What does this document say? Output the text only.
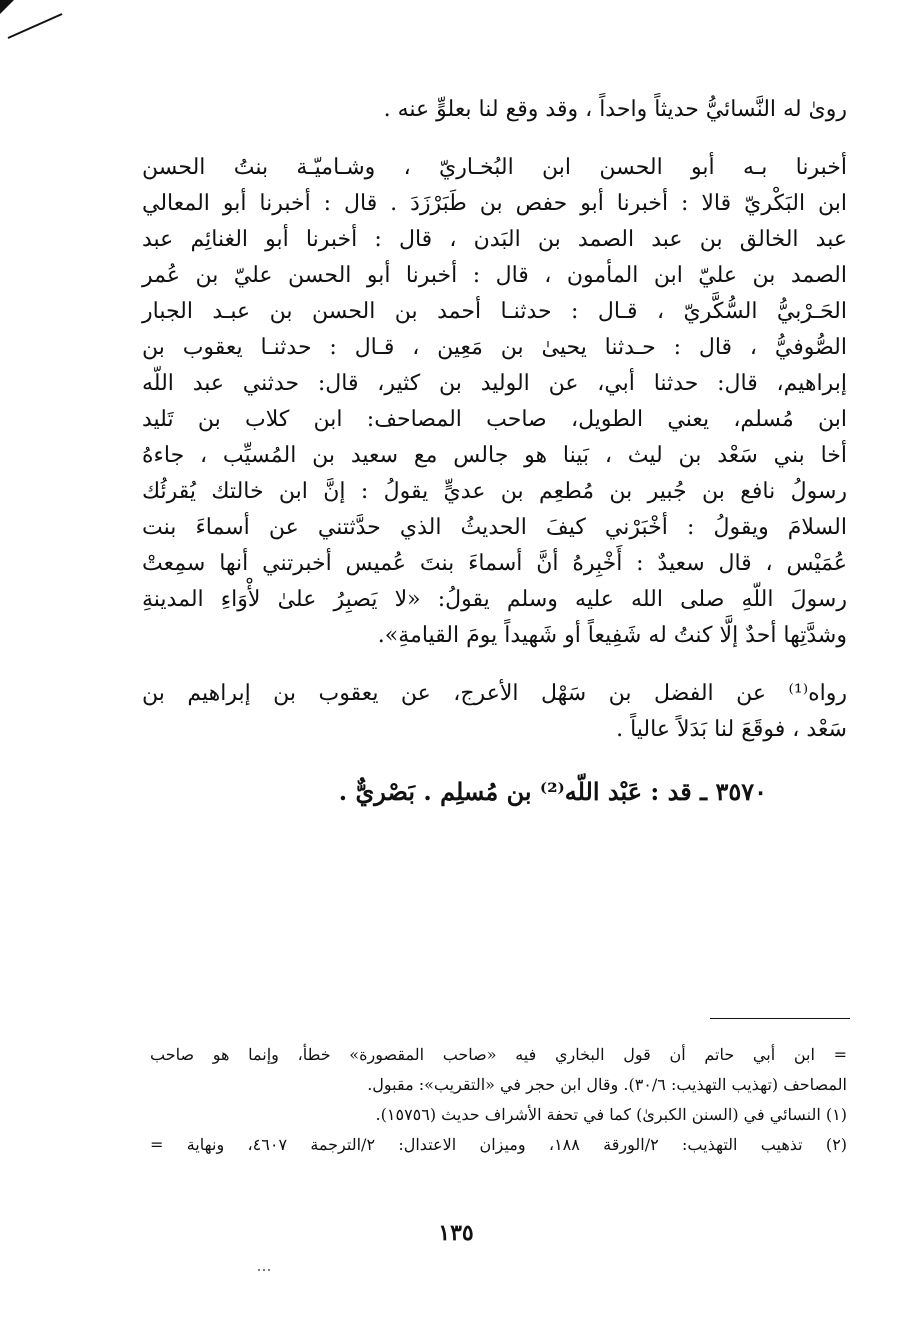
رویٰ له النَّسائيُّ حديثاً واحداً ، وقد وقع لنا بعلوٍّ عنه .
أخبرنا بـه أبو الحسن ابن البُخـاريّ ، وشـاميّـة بنتُ الحسن
ابن البَكْريّ قالا : أخبرنا أبو حفص بن طَبَرْزَدَ . قال : أخبرنا أبو المعالي
عبد الخالق بن عبد الصمد بن البَدن ، قال : أخبرنا أبو الغنائِم عبد
الصمد بن عليّ ابن المأمون ، قال : أخبرنا أبو الحسن عليّ بن عُمر
الحَـرْبيُّ السُّكَّريّ ، قـال : حدثنـا أحمد بن الحسن بن عبـد الجبار
الصُّوفيُّ ، قال : حـدثنا يحيىٰ بن مَعِين ، قـال : حدثنـا يعقوب بن
إبراهيم، قال: حدثنا أبي، عن الوليد بن كثير، قال: حدثني عبد اللّه
ابن مُسلم، يعني الطويل، صاحب المصاحف: ابن كلاب بن تَليد
أخا بني سَعْد بن ليث ، بَينا هو جالس مع سعيد بن المُسيِّب ، جاءهُ
رسولُ نافع بن جُبير بن مُطعِم بن عديٍّ يقولُ : إنَّ ابن خالتك يُقرئُك
السلامَ ويقولُ : أخْبَرْني كيفَ الحديثُ الذي حدَّثتني عن أسماءَ بنت
عُمَيْس ، قال سعيدٌ : أَخْبِرهُ أنَّ أسماءَ بنتَ عُميس أخبرتني أنها سمِعتْ
رسولَ اللّهِ صلى الله عليه وسلم يقولُ: «لا يَصبِرُ علىٰ لأْوَاءِ المدينةِ
وشدَّتِها أحدٌ إلَّا كنتُ له شَفِيعاً أو شَهيداً يومَ القيامةِ».
رواه⁽¹⁾ عن الفضل بن سَهْل الأعرج، عن يعقوب بن إبراهيم بن
سَعْد ، فوقَعَ لنا بَدَلاً عالياً .
٣٥٧٠ ـ قد : عَبْد اللّه⁽²⁾ بن مُسلِم . بَصْريٌّ .
= ابن أبي حاتم أن قول البخاري فيه «صاحب المقصورة» خطأ، وإنما هو صاحب
المصاحف (تهذيب التهذيب: ٣٠/٦). وقال ابن حجر في «التقريب»: مقبول.
(١) النسائي في (السنن الكبرىٰ) كما في تحفة الأشراف حديث (١٥٧٥٦).
(٢) تذهيب التهذيب: ٢/الورقة ١٨٨، وميزان الاعتدال: ٢/الترجمة ٤٦٠٧، ونهاية =
١٣٥
